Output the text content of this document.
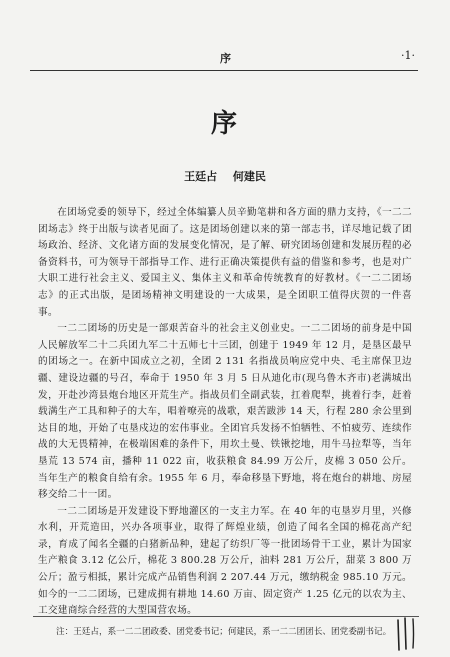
序	·1·
序
王廷占 何建民

在团场党委的领导下，经过全体编纂人员辛勤笔耕和各方面的鼎力支持，《一二二团场志》终于出版与读者见面了。这是团场创建以来的第一部志书，详尽地记载了团场政治、经济、文化诸方面的发展变化情况，是了解、研究团场创建和发展历程的必备资料书，可为领导干部指导工作、进行正确决策提供有益的借鉴和参考，也是对广大职工进行社会主义、爱国主义、集体主义和革命传统教育的好教材。《一二二团场志》的正式出版，是团场精神文明建设的一大成果，是全团职工值得庆贺的一件喜事。

一二二团场的历史是一部艰苦奋斗的社会主义创业史。一二二团场的前身是中国人民解放军二十二兵团九军二十五师七十三团，创建于 1949 年 12 月，是垦区最早的团场之一。在新中国成立之初，全团 2 131 名指战员响应党中央、毛主席保卫边疆、建设边疆的号召，奉命于 1950 年 3 月 5 日从迪化市(现乌鲁木齐市)老满城出发，开赴沙湾县炮台地区开荒生产。指战员们全副武装，扛着爬犁，挑着行李，赶着载满生产工具和种子的大车，唱着嘹亮的战歌，艰苦跋涉 14 天，行程 280 余公里到达目的地，开始了屯垦戍边的宏伟事业。全团官兵发扬不怕牺牲、不怕疲劳、连续作战的大无畏精神，在极端困难的条件下，用坎土曼、铁锹挖地，用牛马拉犁等，当年垦荒 13 574 亩，播种 11 022 亩，收获粮食 84.99 万公斤，皮棉 3 050 公斤。当年生产的粮食自给有余。1955 年 6 月，奉命移垦下野地，将在炮台的耕地、房屋移交给二十一团。

一二二团场是开发建设下野地灌区的一支主力军。在 40 年的屯垦岁月里，兴修水利，开荒造田，兴办各项事业，取得了辉煌业绩，创造了闻名全国的棉花高产纪录，育成了闻名全疆的白猪新品种，建起了纺织厂等一批团场骨干工业，累计为国家生产粮食 3.12 亿公斤，棉花 3 800.28 万公斤，油料 281 万公斤，甜菜 3 800 万公斤；盈亏相抵，累计完成产品销售利润 2 207.44 万元，缴纳税金 985.10 万元。如今的一二二团场，已建成拥有耕地 14.60 万亩、固定资产 1.25 亿元的以农为主、工交建商综合经营的大型国营农场。

注：王廷占，系一二二团政委、团党委书记；何建民，系一二二团团长、团党委副书记。
